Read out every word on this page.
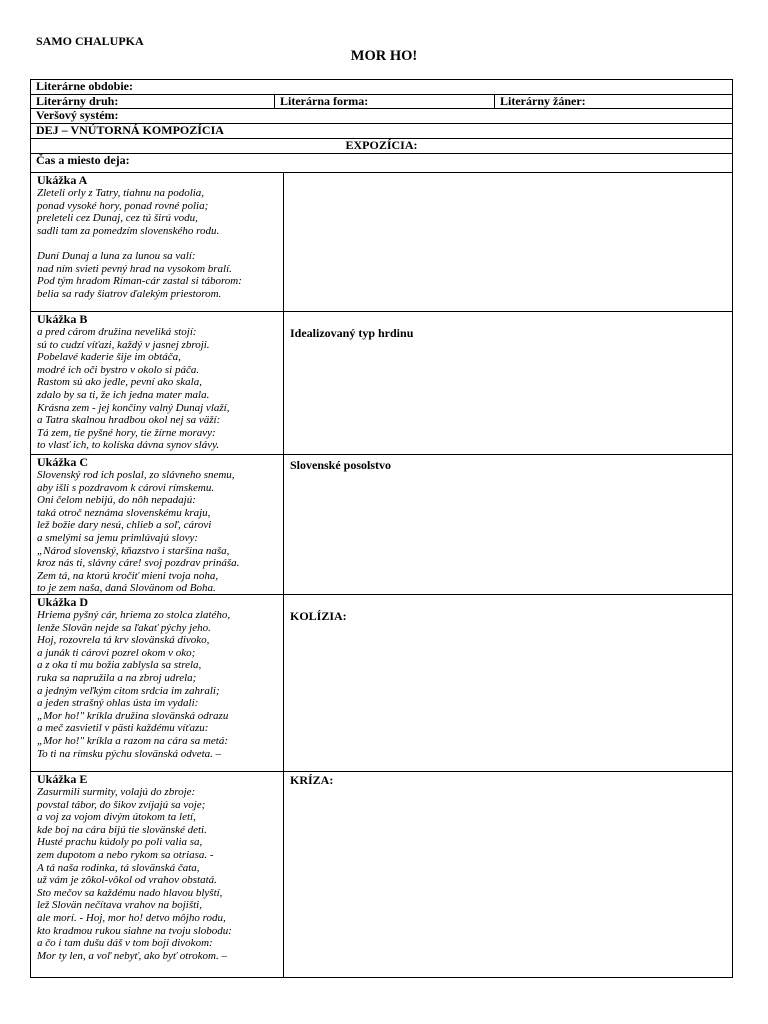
SAMO CHALUPKA
MOR HO!
Literárne obdobie:
Literárny druh:	Literárna forma:	Literárny žáner:
Veršový systém:
DEJ – VNÚTORNÁ KOMPOZÍCIA
EXPOZÍCIA:
Čas a miesto deja:
Ukážka A
Zleteli orly z Tatry, tiahnu na podolia,
ponad vysoké hory, ponad rovné polia;
preleteli cez Dunaj, cez tú širú vodu,
sadli tam za pomedzím slovenského rodu.

Duní Dunaj a luna za lunou sa valí:
nad ním svieti pevný hrad na vysokom bralí.
Pod tým hradom Ríman-cár zastal si táborom:
belia sa rady šiatrov ďalekým priestorom.
Ukážka B
a pred cárom družina neveliká stojí:
sú to cudzí víťazi, každý v jasnej zbroji.
Pobelavé kaderie šije im obtáča,
modré ich oči bystro v okolo si páča.
Rastom sú ako jedle, pevní ako skala,
zdalo by sa ti, že ich jedna mater mala.
Krásna zem - jej končiny valný Dunaj vlaží,
a Tatra skalnou hradbou okol nej sa väží:
Tá zem, tie pyšné hory, tie žírne moravy:
to vlasť ich, to kolíska dávna synov slávy.
Idealizovaný typ hrdinu
Ukážka C
Slovenský rod ich poslal, zo slávneho snemu,
aby išli s pozdravom k cárovi rímskemu.
Oni čelom nebijú, do nôh nepadajú:
taká otroč neznáma slovenskému kraju,
lež božie dary nesú, chlieb a soľ, cárovi
a smelými sa jemu primlúvajú slovy:
„Národ slovenský, kňazstvo i staršina naša,
kroz nás ti, slávny cáre! svoj pozdrav prináša.
Zem tá, na ktorú kročiť mieni tvoja noha,
to je zem naša, daná Slovänom od Boha.
Slovenské posolstvo
Ukážka D
Hriema pyšný cár, hriema zo stolca zlatého,
lenže Slovän nejde sa ľakať pýchy jeho.
Hoj, rozovrela tá krv slovänská divoko,
a junák ti cárovi pozrel okom v oko;
a z oka ti mu božia zablysla sa strela,
ruka sa napružila a na zbroj udrela;
a jedným veľkým citom srdcia im zahrali;
a jeden strašný ohlas ústa im vydali:
„Mor ho!" kríkla družina slovänská odrazu
a meč zasvietil v pästi každému víťazu:
„Mor ho!" kríkla a razom na cára sa metá:
To ti na rímsku pýchu slovänská odveta. –
KOLÍZIA:
Ukážka E
Zasurmili surmity, volajú do zbroje:
povstal tábor, do šikov zvíjajú sa voje;
a voj za vojom divým útokom ta letí,
kde boj na cára bijú tie slovänské deti.
Husté prachu kúdoly po poli valia sa,
zem dupotom a nebo rykom sa otriasa. -
A tá naša rodinka, tá slovänská čata,
už vám je zôkol-vôkol od vrahov obstatá.
Sto mečov sa každému nado hlavou blyští,
lež Slovän nečítava vrahov na bojišti,
ale morí. - Hoj, mor ho! detvo môjho rodu,
kto kradmou rukou siahne na tvoju slobodu:
a čo i tam dušu dáš v tom boji divokom:
Mor ty len, a voľ nebyť, ako byť otrokom. –
KRÍZA:
